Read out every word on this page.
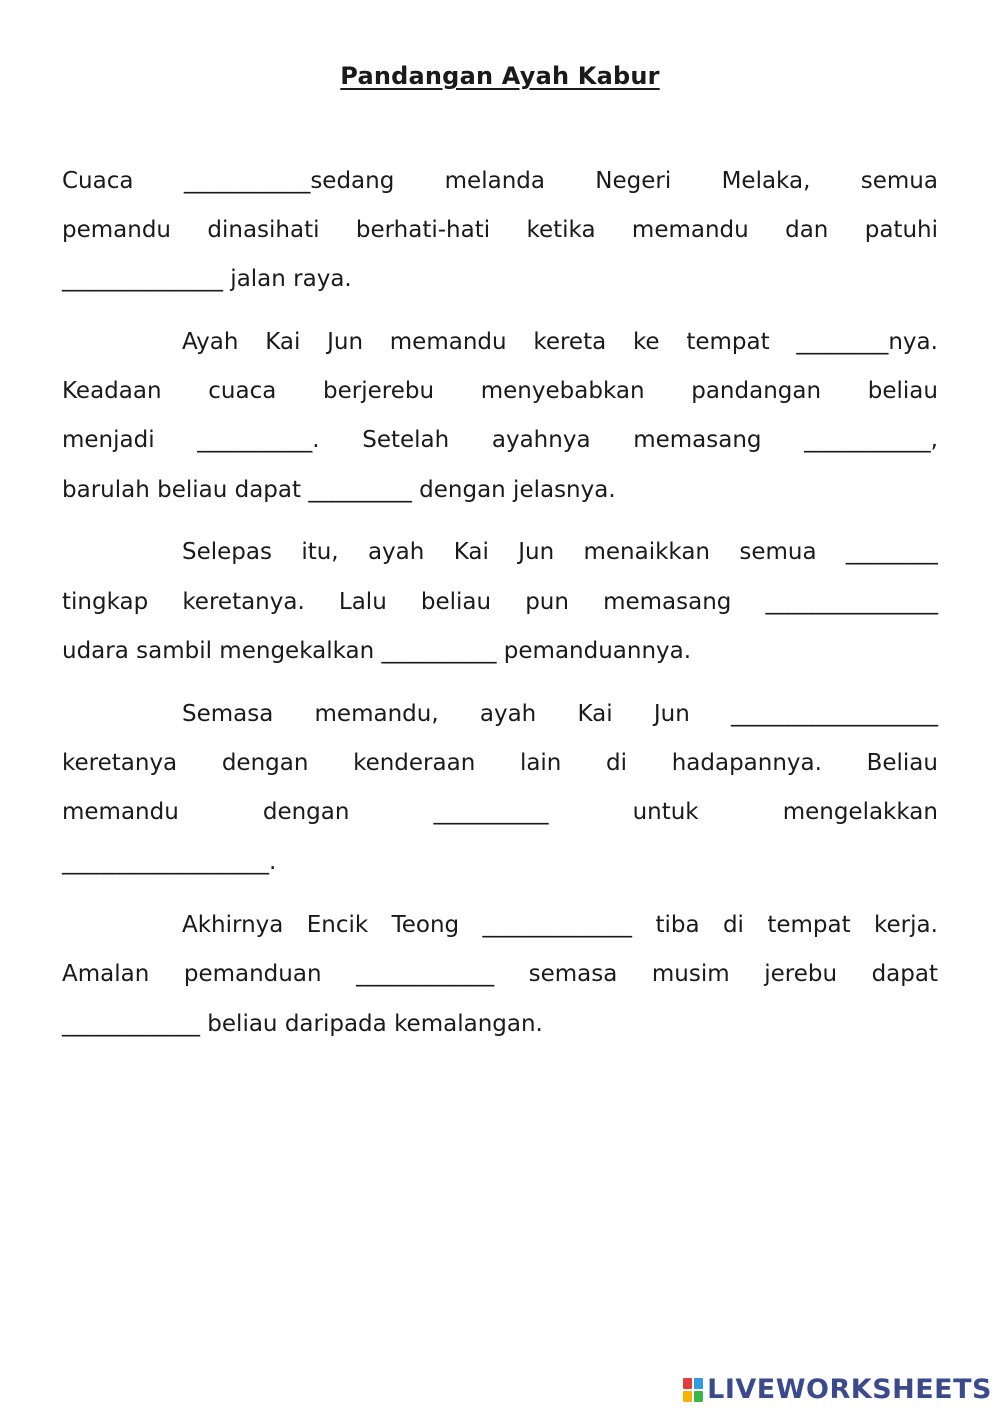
Pandangan Ayah Kabur
Cuaca ___________sedang melanda Negeri Melaka, semua
pemandu dinasihati berhati-hati ketika memandu dan patuhi
______________ jalan raya.
Ayah Kai Jun memandu kereta ke tempat ________nya.
Keadaan cuaca berjerebu menyebabkan pandangan beliau
menjadi __________. Setelah ayahnya memasang ___________,
barulah beliau dapat _________ dengan jelasnya.
Selepas itu, ayah Kai Jun menaikkan semua ________
tingkap keretanya. Lalu beliau pun memasang _______________
udara sambil mengekalkan __________ pemanduannya.
Semasa memandu, ayah Kai Jun __________________
keretanya dengan kenderaan lain di hadapannya. Beliau
memandu	dengan	__________	untuk	mengelakkan
__________________.
Akhirnya Encik Teong _____________ tiba di tempat kerja.
Amalan pemanduan ____________ semasa musim jerebu dapat
____________ beliau daripada kemalangan.
LIVEWORKSHEETS
